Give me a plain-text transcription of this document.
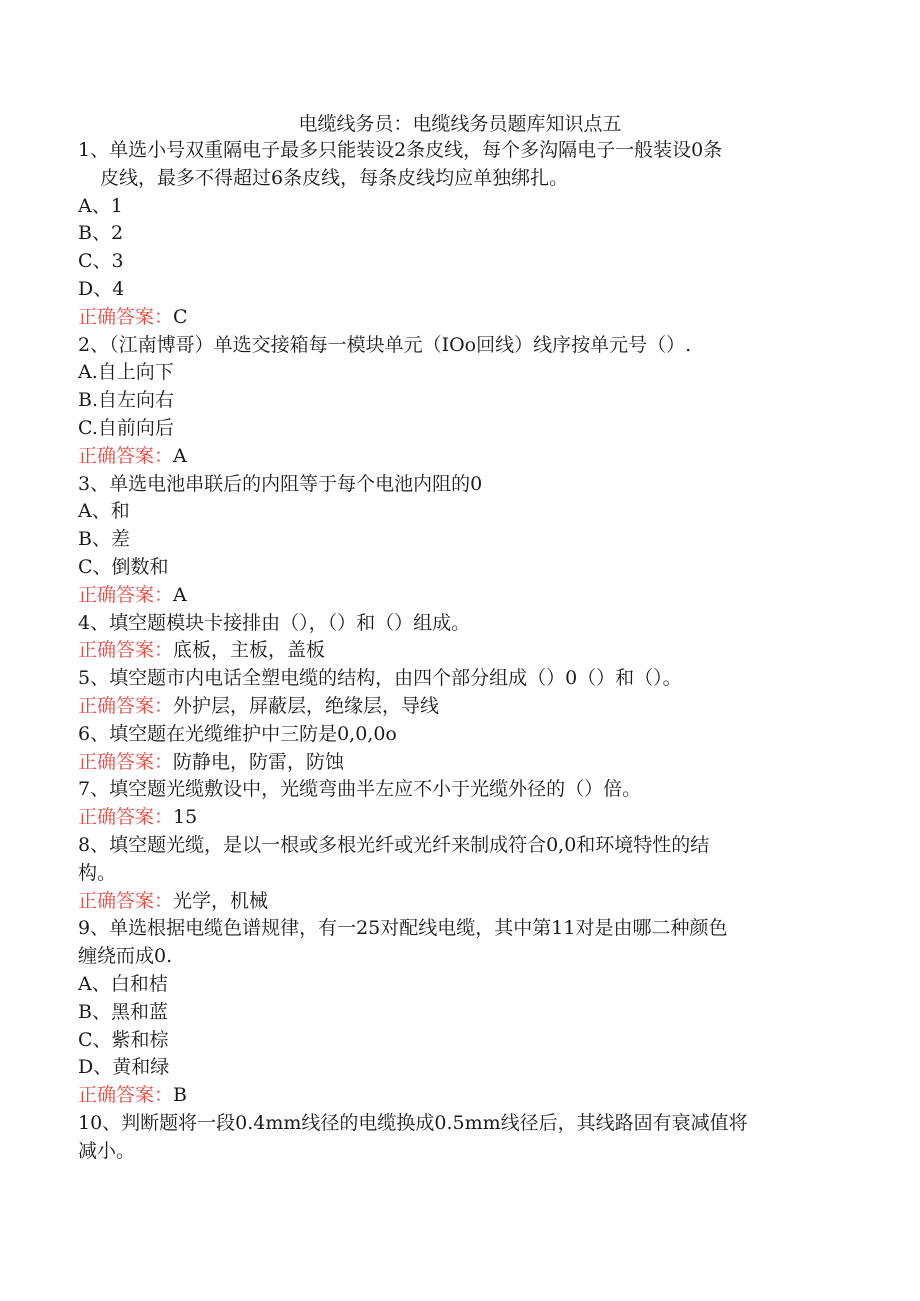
电缆线务员：电缆线务员题库知识点五
1、单选小号双重隔电子最多只能装设2条皮线，每个多沟隔电子一般装设0条
皮线，最多不得超过6条皮线，每条皮线均应单独绑扎。
A、1
B、2
C、3
D、4
正确答案：C
2、（江南博哥）单选交接箱每一模块单元（IOo回线）线序按单元号（）.
A.自上向下
B.自左向右
C.自前向后
正确答案：A
3、单选电池串联后的内阻等于每个电池内阻的0
A、和
B、差
C、倒数和
正确答案：A
4、填空题模块卡接排由（），（）和（）组成。
正确答案：底板，主板，盖板
5、填空题市内电话全塑电缆的结构，由四个部分组成（）0（）和（）。
正确答案：外护层，屏蔽层，绝缘层，导线
6、填空题在光缆维护中三防是0,0,0o
正确答案：防静电，防雷，防蚀
7、填空题光缆敷设中，光缆弯曲半左应不小于光缆外径的（）倍。
正确答案：15
8、填空题光缆，是以一根或多根光纤或光纤来制成符合0,0和环境特性的结
构。
正确答案：光学，机械
9、单选根据电缆色谱规律，有一25对配线电缆，其中第11对是由哪二种颜色
缠绕而成0.
A、白和桔
B、黑和蓝
C、紫和棕
D、黄和绿
正确答案：B
10、判断题将一段0.4mm线径的电缆换成0.5mm线径后，其线路固有衰减值将
减小。
